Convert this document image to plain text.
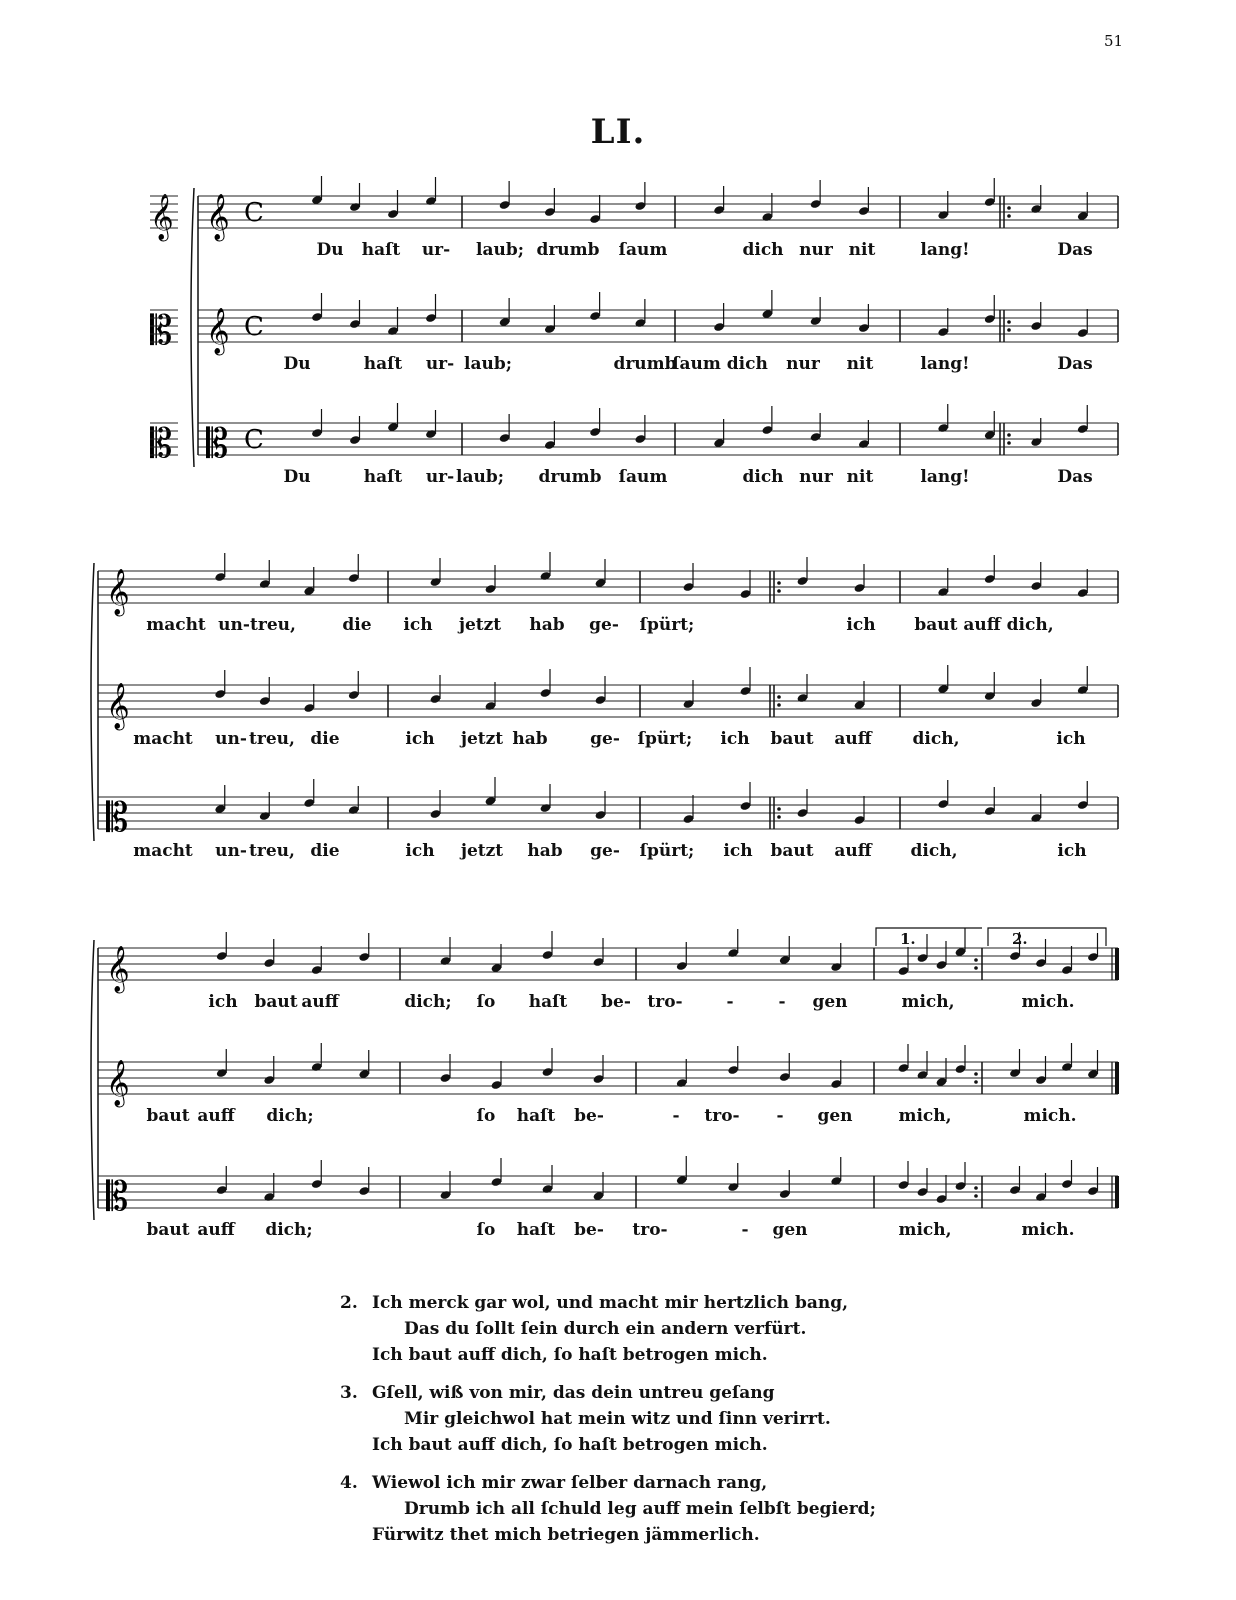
51
LI.
𝄞 𝄞 C
𝄡 𝄞 C
𝄡 𝄡 C
𝄞
𝄞
𝄡
𝄞
𝄞
𝄡
Du haſt ur- laub; drumb ſaum	dich nur nit	lang!	Das
Du	haſt ur- laub;	drumb
ſaum dich nur nit	lang!	Das
Du	haſt ur- laub; drumb ſaum	dich nur nit	lang!	Das
macht un- treu,	die ich jetzt hab ge- ſpürt;	ich baut auff dich,
macht un- treu, die	ich jetzt hab ge- ſpürt; ich baut auff dich,	ich
macht un- treu, die	ich jetzt hab ge- ſpürt; ich baut auff dich,	ich
ich baut auff	dich; ſo haſt be- tro-	-	- gen	mich,	mich.
baut auff dich;	ſo haſt be-	- tro- - gen	mich,	mich.
baut auff dich;	ſo haſt be- tro-	- gen	mich,	mich.
1.	2.
2. Ich merck gar wol, und macht mir hertzlich bang,
Das du ſollt ſein durch ein andern verfürt.
Ich baut auff dich, ſo haſt betrogen mich.
3. Gſell, wiß von mir, das dein untreu geſang
Mir gleichwol hat mein witz und ſinn verirrt.
Ich baut auff dich, ſo haſt betrogen mich.
4. Wiewol ich mir zwar ſelber darnach rang,
Drumb ich all ſchuld leg auff mein ſelbſt begierd;
Fürwitz thet mich betriegen jämmerlich.
